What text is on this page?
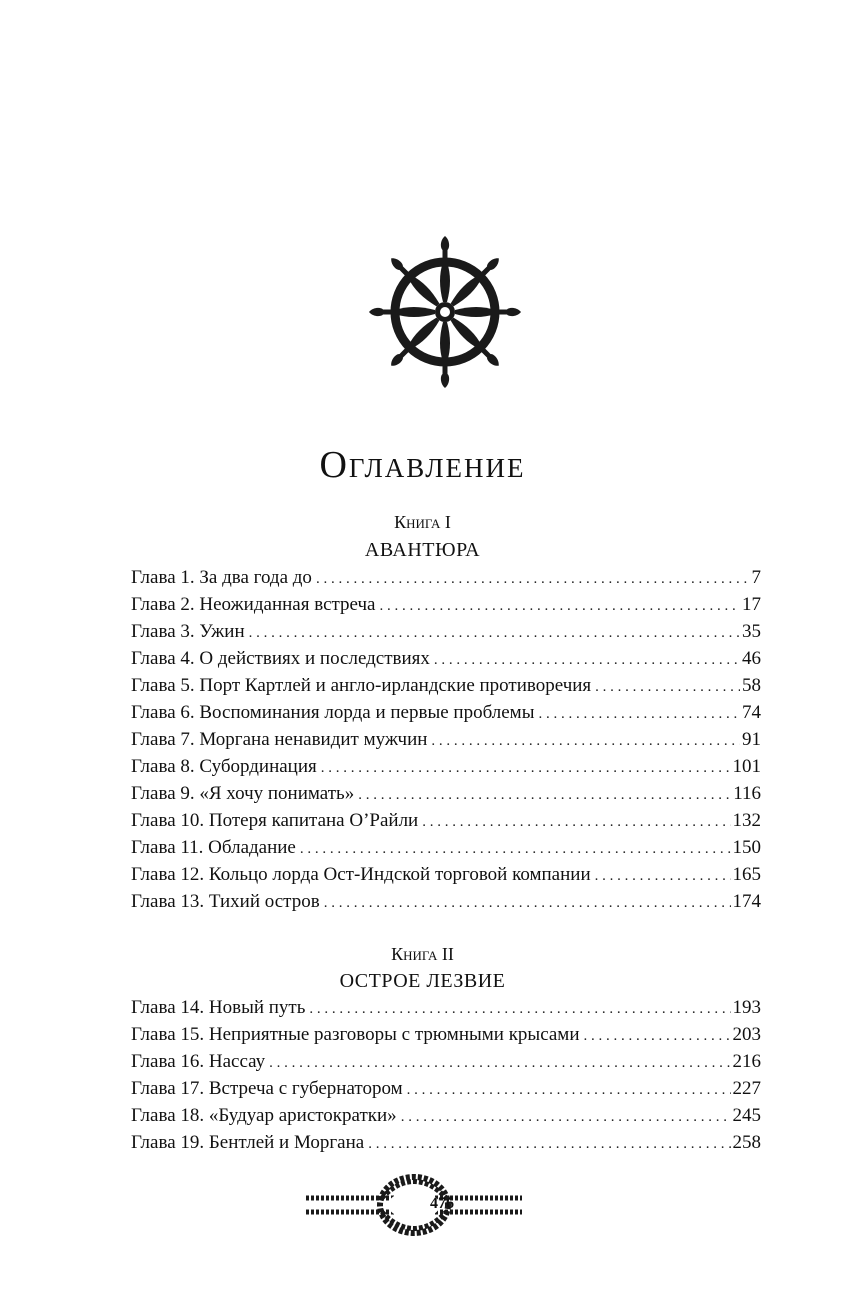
Оглавление
Книга I
АВАНТЮРА
Глава 1. За два года до . . .	7
Глава 2. Неожиданная встреча . . .	17
Глава 3. Ужин . . .	35
Глава 4. О действиях и последствиях . . .	46
Глава 5. Порт Картлей и англо-ирландские противоречия . . .	58
Глава 6. Воспоминания лорда и первые проблемы . . .	74
Глава 7. Моргана ненавидит мужчин . . .	91
Глава 8. Субординация . . .	101
Глава 9. «Я хочу понимать» . . .	116
Глава 10. Потеря капитана О’Райли . . .	132
Глава 11. Обладание . . .	150
Глава 12. Кольцо лорда Ост-Индской торговой компании . . .	165
Глава 13. Тихий остров . . .	174
Книга II
ОСТРОЕ ЛЕЗВИЕ
Глава 14. Новый путь . . .	193
Глава 15. Неприятные разговоры с трюмными крысами . . .	203
Глава 16. Нассау . . .	216
Глава 17. Встреча с губернатором . . .	227
Глава 18. «Будуар аристократки» . . .	245
Глава 19. Бентлей и Моргана . . .	258
476
